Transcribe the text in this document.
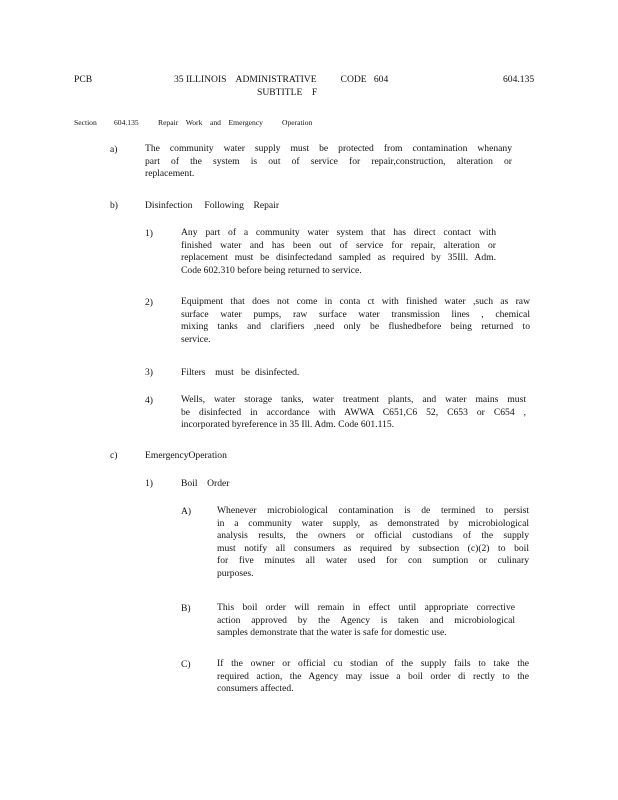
PCB	35 ILLINOIS    ADMINISTRATIVE          CODE   604
SUBTITLE    F
604.135
Section 604.135	Repair    Work    and    Emergency          Operation
a)	The community water supply must be protected from contamination whenany
part of the system is out of service for repair,construction, alteration or
replacement.
b)	Disinfection     Following    Repair
1)	Any part of a community water system that has direct contact with
finished water and has been out of service for repair, alteration or
replacement must be disinfectedand sampled as required by 35Ill. Adm.
Code 602.310 before being returned to service.
2)	Equipment that does not come in conta ct with finished water ,such as raw
surface water pumps, raw surface water transmission lines , chemical
mixing tanks and clarifiers ,need only be flushedbefore being returned to
service.
3)	Filters    must   be  disinfected.
4)	Wells, water storage tanks, water treatment plants, and water mains must
be disinfected in accordance with AWWA C651,C6 52, C653 or C654 ,
incorporated byreference in 35 Ill. Adm. Code 601.115.
c)	EmergencyOperation
1)	Boil    Order
A)	Whenever microbiological contamination is de termined to persist
in a community water supply, as demonstrated by microbiological
analysis results, the owners or official custodians of the supply
must notify all consumers as required by subsection (c)(2) to boil
for five minutes all water used for con sumption or culinary
purposes.
B)	This boil order will remain in effect until appropriate corrective
action approved by the Agency is taken and microbiological
samples demonstrate that the water is safe for domestic use.
C)	If the owner or official cu stodian of the supply fails to take the
required action, the Agency may issue a boil order di rectly to the
consumers affected.
